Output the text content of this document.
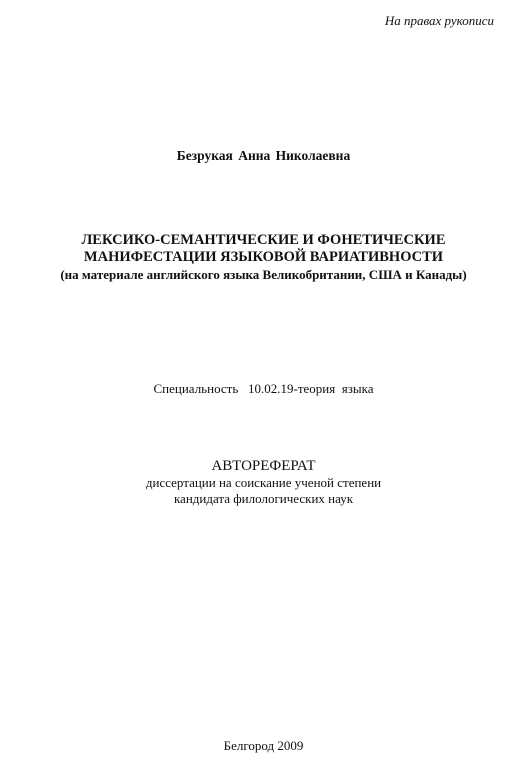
На правах рукописи
Безрукая Анна Николаевна
ЛЕКСИКО-СЕМАНТИЧЕСКИЕ И ФОНЕТИЧЕСКИЕ
МАНИФЕСТАЦИИ ЯЗЫКОВОЙ ВАРИАТИВНОСТИ
(на материале английского языка Великобритании, США и Канады)
Специальность   10.02.19-теория  языка
АВТОРЕФЕРАТ
диссертации на соискание ученой степени
кандидата филологических наук
Белгород 2009
